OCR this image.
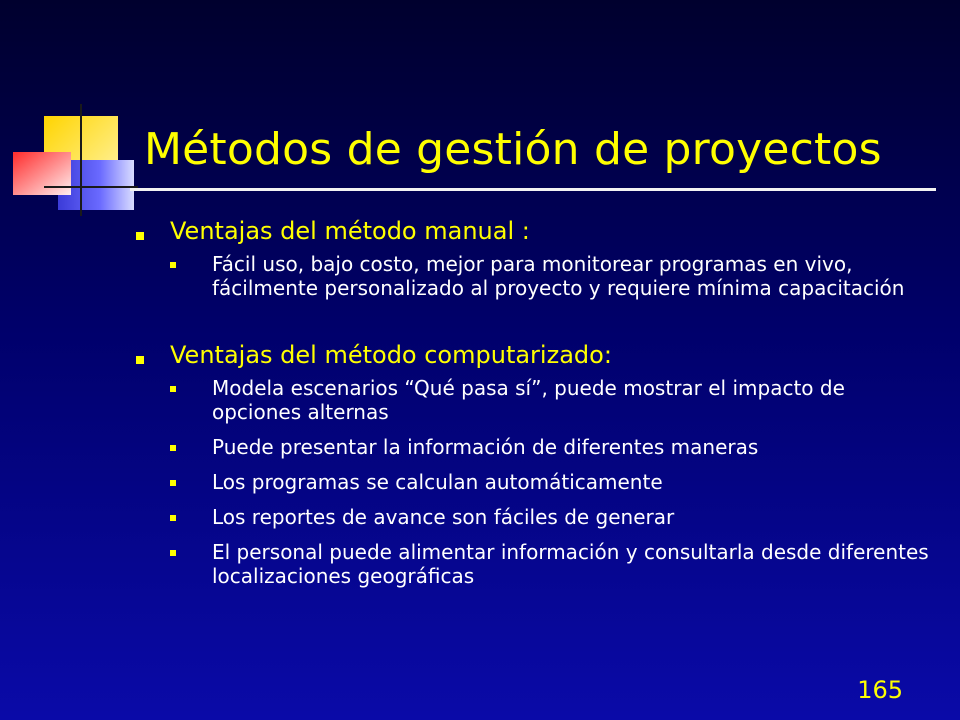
Métodos de gestión de proyectos
Ventajas del método manual :
Fácil uso, bajo costo, mejor para monitorear programas en vivo, fácilmente personalizado al proyecto y requiere mínima capacitación
Ventajas del método computarizado:
Modela escenarios “Qué pasa sí”, puede mostrar el impacto de opciones alternas
Puede presentar la información de diferentes maneras
Los programas se calculan automáticamente
Los reportes de avance son fáciles de generar
El personal puede alimentar información y consultarla desde diferentes localizaciones geográficas
165
